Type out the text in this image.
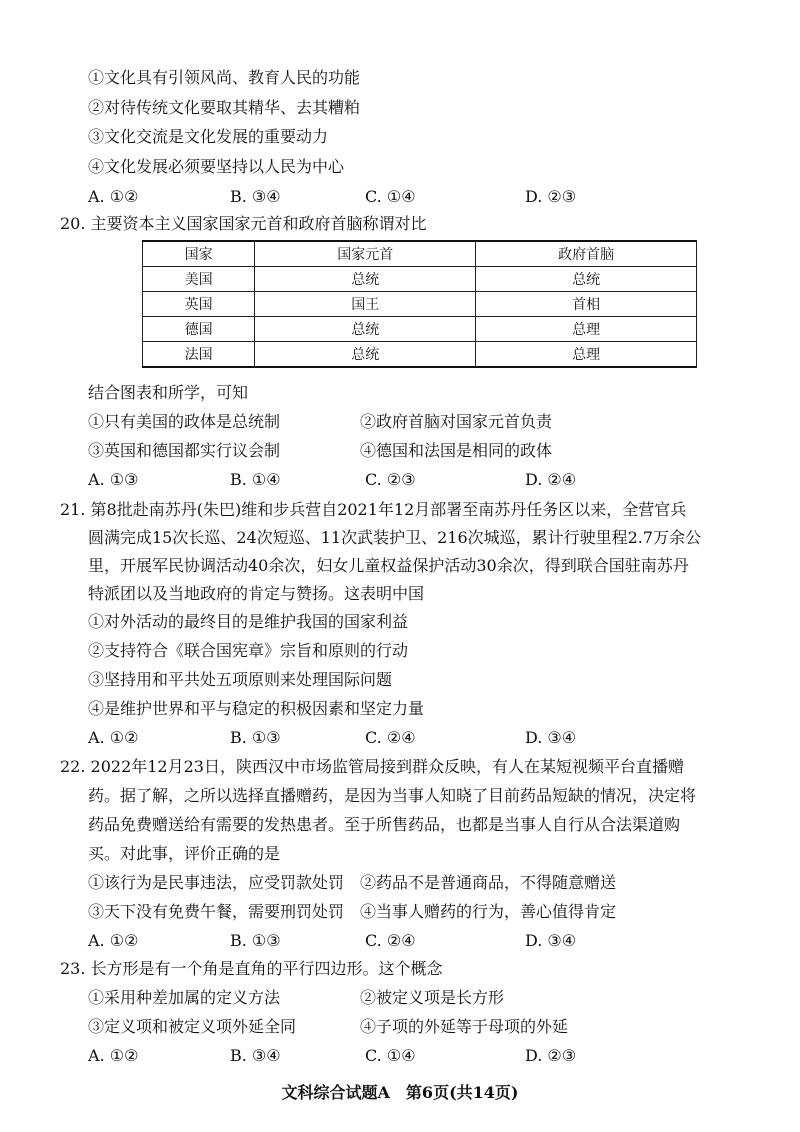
①文化具有引领风尚、教育人民的功能
②对待传统文化要取其精华、去其糟粕
③文化交流是文化发展的重要动力
④文化发展必须要坚持以人民为中心
A. ①②	B. ③④	C. ①④	D. ②③
20. 主要资本主义国家国家元首和政府首脑称谓对比
国家	国家元首	政府首脑
美国	总统	总统
英国	国王	首相
德国	总统	总理
法国	总统	总理
结合图表和所学，可知
①只有美国的政体是总统制	②政府首脑对国家元首负责
③英国和德国都实行议会制	④德国和法国是相同的政体
A. ①③	B. ①④	C. ②③	D. ②④
21. 第8批赴南苏丹(朱巴)维和步兵营自2021年12月部署至南苏丹任务区以来，全营官兵
圆满完成15次长巡、24次短巡、11次武装护卫、216次城巡，累计行驶里程2.7万余公
里，开展军民协调活动40余次，妇女儿童权益保护活动30余次，得到联合国驻南苏丹
特派团以及当地政府的肯定与赞扬。这表明中国
①对外活动的最终目的是维护我国的国家利益
②支持符合《联合国宪章》宗旨和原则的行动
③坚持用和平共处五项原则来处理国际问题
④是维护世界和平与稳定的积极因素和坚定力量
A. ①②	B. ①③	C. ②④	D. ③④
22. 2022年12月23日，陕西汉中市场监管局接到群众反映，有人在某短视频平台直播赠
药。据了解，之所以选择直播赠药，是因为当事人知晓了目前药品短缺的情况，决定将
药品免费赠送给有需要的发热患者。至于所售药品，也都是当事人自行从合法渠道购
买。对此事，评价正确的是
①该行为是民事违法，应受罚款处罚 ②药品不是普通商品，不得随意赠送
③天下没有免费午餐，需要刑罚处罚 ④当事人赠药的行为，善心值得肯定
A. ①②	B. ①③	C. ②④	D. ③④
23. 长方形是有一个角是直角的平行四边形。这个概念
①采用种差加属的定义方法	②被定义项是长方形
③定义项和被定义项外延全同	④子项的外延等于母项的外延
A. ①②	B. ③④	C. ①④	D. ②③
文科综合试题A　第6页(共14页)
